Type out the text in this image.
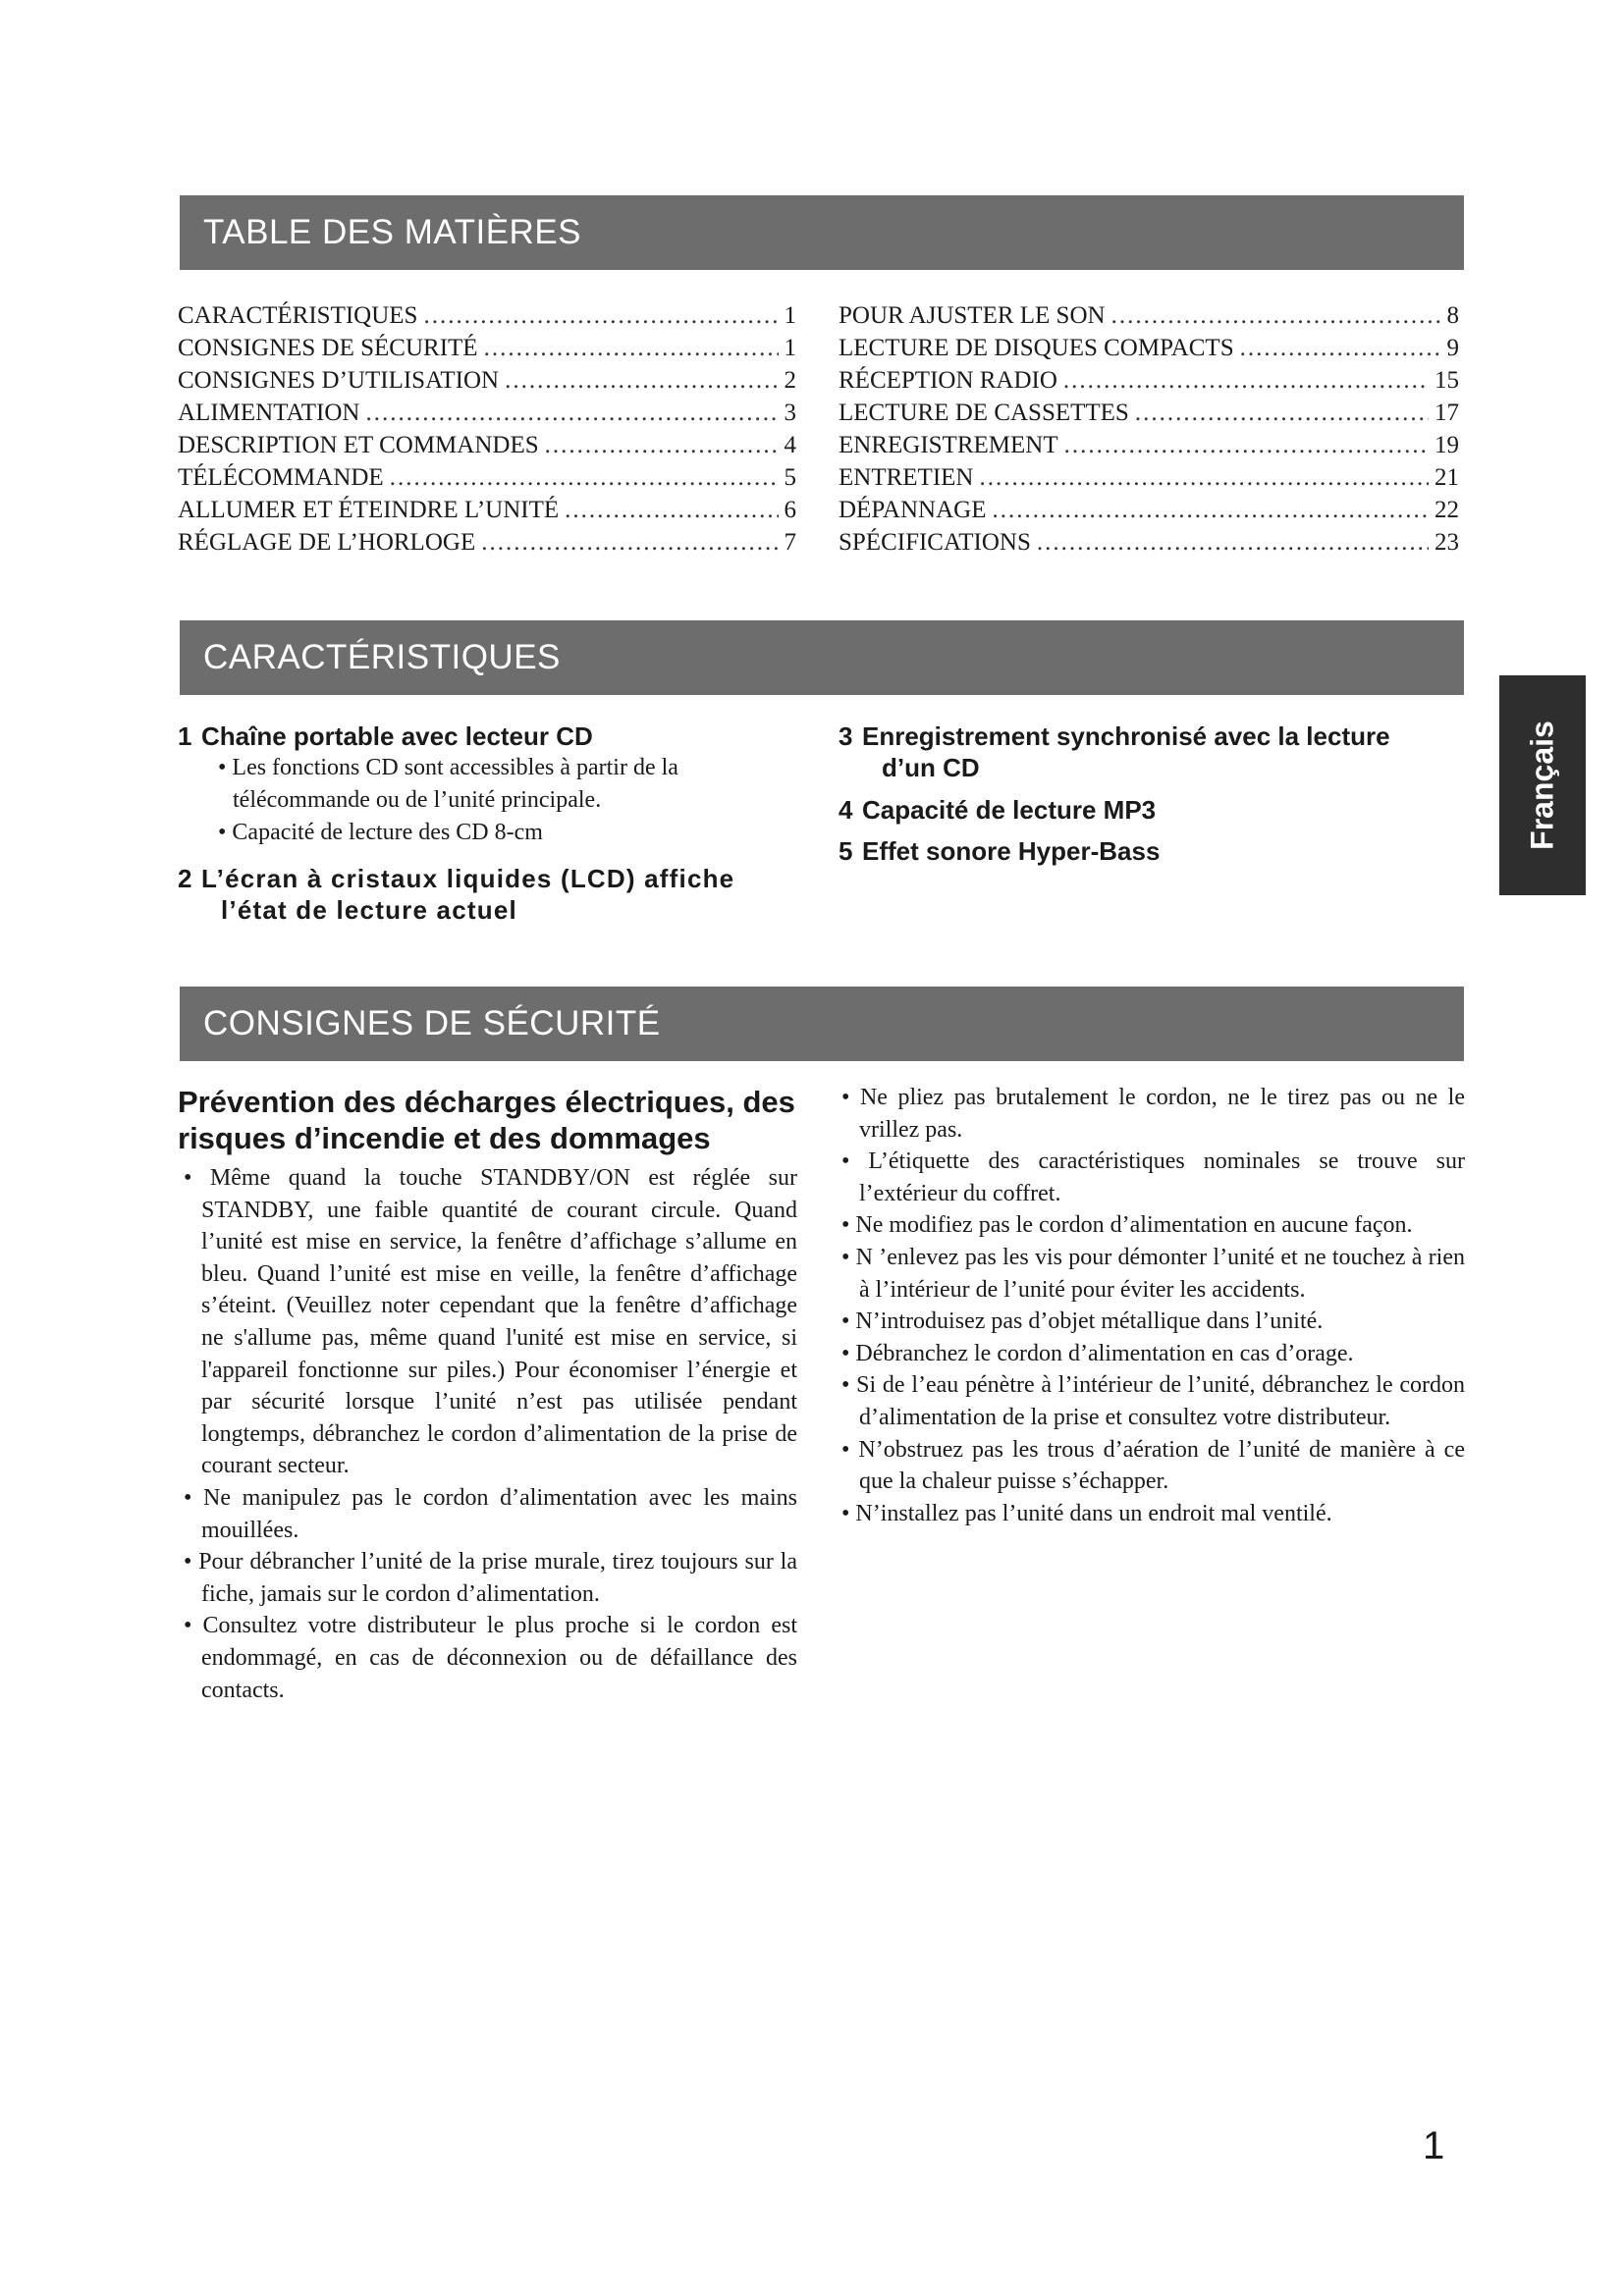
TABLE DES MATIÈRES
CARACTÉRISTIQUES .....	1
CONSIGNES DE SÉCURITÉ .....	1
CONSIGNES D’UTILISATION .....	2
ALIMENTATION .....	3
DESCRIPTION ET COMMANDES .....	4
TÉLÉCOMMANDE .....	5
ALLUMER ET ÉTEINDRE L’UNITÉ .....	6
RÉGLAGE DE L’HORLOGE .....	7
POUR AJUSTER LE SON .....	8
LECTURE DE DISQUES COMPACTS .....	9
RÉCEPTION RADIO .....	15
LECTURE DE CASSETTES .....	17
ENREGISTREMENT .....	19
ENTRETIEN .....	21
DÉPANNAGE .....	22
SPÉCIFICATIONS .....	23
CARACTÉRISTIQUES
1 Chaîne portable avec lecteur CD
• Les fonctions CD sont accessibles à partir de la télécommande ou de l’unité principale.
• Capacité de lecture des CD 8-cm
2 L’écran à cristaux liquides (LCD) affiche l’état de lecture actuel
3 Enregistrement synchronisé avec la lecture d’un CD
4 Capacité de lecture MP3
5 Effet sonore Hyper-Bass
CONSIGNES DE SÉCURITÉ
Prévention des décharges électriques, des risques d’incendie et des dommages
• Même quand la touche STANDBY/ON est réglée sur STANDBY, une faible quantité de courant circule. Quand l’unité est mise en service, la fenêtre d’affichage s’allume en bleu. Quand l’unité est mise en veille, la fenêtre d’affichage s’éteint. (Veuillez noter cependant que la fenêtre d’affichage ne s'allume pas, même quand l'unité est mise en service, si l'appareil fonctionne sur piles.) Pour économiser l’énergie et par sécurité lorsque l’unité n’est pas utilisée pendant longtemps, débranchez le cordon d’alimentation de la prise de courant secteur.
• Ne manipulez pas le cordon d’alimentation avec les mains mouillées.
• Pour débrancher l’unité de la prise murale, tirez toujours sur la fiche, jamais sur le cordon d’alimentation.
• Consultez votre distributeur le plus proche si le cordon est endommagé, en cas de déconnexion ou de défaillance des contacts.
• Ne pliez pas brutalement le cordon, ne le tirez pas ou ne le vrillez pas.
• L’étiquette des caractéristiques nominales se trouve sur l’extérieur du coffret.
• Ne modifiez pas le cordon d’alimentation en aucune façon.
• N ’enlevez pas les vis pour démonter l’unité et ne touchez à rien à l’intérieur de l’unité pour éviter les accidents.
• N’introduisez pas d’objet métallique dans l’unité.
• Débranchez le cordon d’alimentation en cas d’orage.
• Si de l’eau pénètre à l’intérieur de l’unité, débranchez le cordon d’alimentation de la prise et consultez votre distributeur.
• N’obstruez pas les trous d’aération de l’unité de manière à ce que la chaleur puisse s’échapper.
• N’installez pas l’unité dans un endroit mal ventilé.
Français
1
